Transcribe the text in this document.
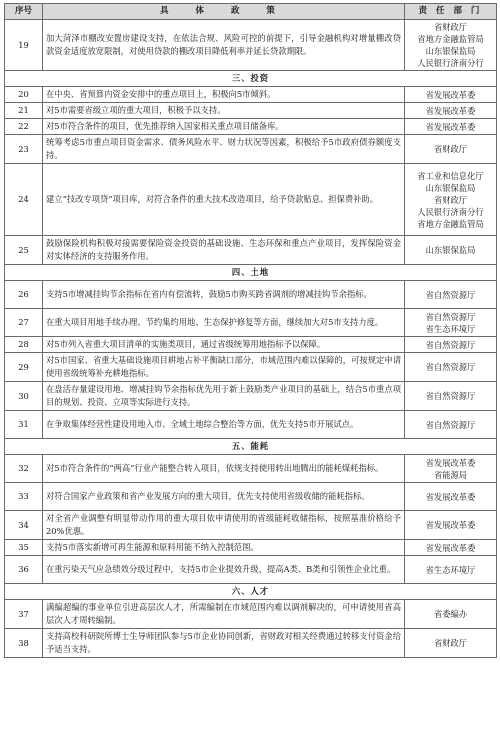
序号	具 体 政 策	责 任 部 门
19	加大菏泽市棚改安置房建设支持，在依法合规、风险可控的前提下，引导金融机构对增量棚改贷款资金适度放宽限制，对使用贷款的棚改项目降低利率并延长贷款期限。	省财政厅
省地方金融监管局
山东银保监局
人民银行济南分行

三、投资		
20	在中央、省预算内资金安排中的重点项目上，积极向5市倾斜。	省发展改革委

21	对5市需要省级立项的重大项目，积极予以支持。	省发展改革委

22	对5市符合条件的项目，优先推荐纳入国家相关重点项目储备库。	省发展改革委

23	统筹考虑5市重点项目资金需求、债务风险水平、财力状况等因素，积极给予5市政府债券额度支持。	省财政厅

24	建立“技改专项贷”项目库，对符合条件的重大技术改造项目，给予贷款贴息、担保费补助。	省工业和信息化厅
山东银保监局
省财政厅
人民银行济南分行
省地方金融监管局

25	鼓励保险机构积极对接需要保险资金投资的基础设施、生态环保和重点产业项目，发挥保险资金对实体经济的支持服务作用。	山东银保监局

四、土地		
26	支持5市增减挂钩节余指标在省内有偿流转，鼓励5市购买跨省调剂的增减挂钩节余指标。	省自然资源厅

27	在重大项目用地手续办理、节约集约用地、生态保护修复等方面，继续加大对5市支持力度。	省自然资源厅
省生态环境厅

28	对5市列入省重大项目清单的实施类项目，通过省级统筹用地指标予以保障。	省自然资源厅

29	对5市国家、省重大基础设施项目耕地占补平衡缺口部分，市域范围内难以保障的，可按规定申请使用省级统筹补充耕地指标。	省自然资源厅

30	在盘活存量建设用地、增减挂钩节余指标优先用于新上鼓励类产业项目的基础上，结合5市重点项目的规划、投资、立项等实际进行支持。	省自然资源厅

31	在争取集体经营性建设用地入市、全域土地综合整治等方面，优先支持5市开展试点。	省自然资源厅

五、能耗		
32	对5市符合条件的“两高”行业产能整合转入项目，依规支持使用转出地腾出的能耗煤耗指标。	省发展改革委
省能源局

33	对符合国家产业政策和省产业发展方向的重大项目，优先支持使用省级收储的能耗指标。	省发展改革委

34	对全省产业调整有明显带动作用的重大项目依申请使用的省级能耗收储指标，按照基准价格给予20%优惠。	省发展改革委

35	支持5市落实新增可再生能源和原料用能不纳入控制范围。	省发展改革委

36	在重污染天气应急绩效分级过程中，支持5市企业提效升级，提高A类、B类和引领性企业比重。	省生态环境厅

六、人才		
37	满编超编的事业单位引进高层次人才，所需编制在市域范围内难以调剂解决的，可申请使用省高层次人才周转编制。	省委编办

38	支持高校科研院所博士生导师团队参与5市企业协同创新，省财政对相关经费通过转移支付资金给予适当支持。	省财政厅
